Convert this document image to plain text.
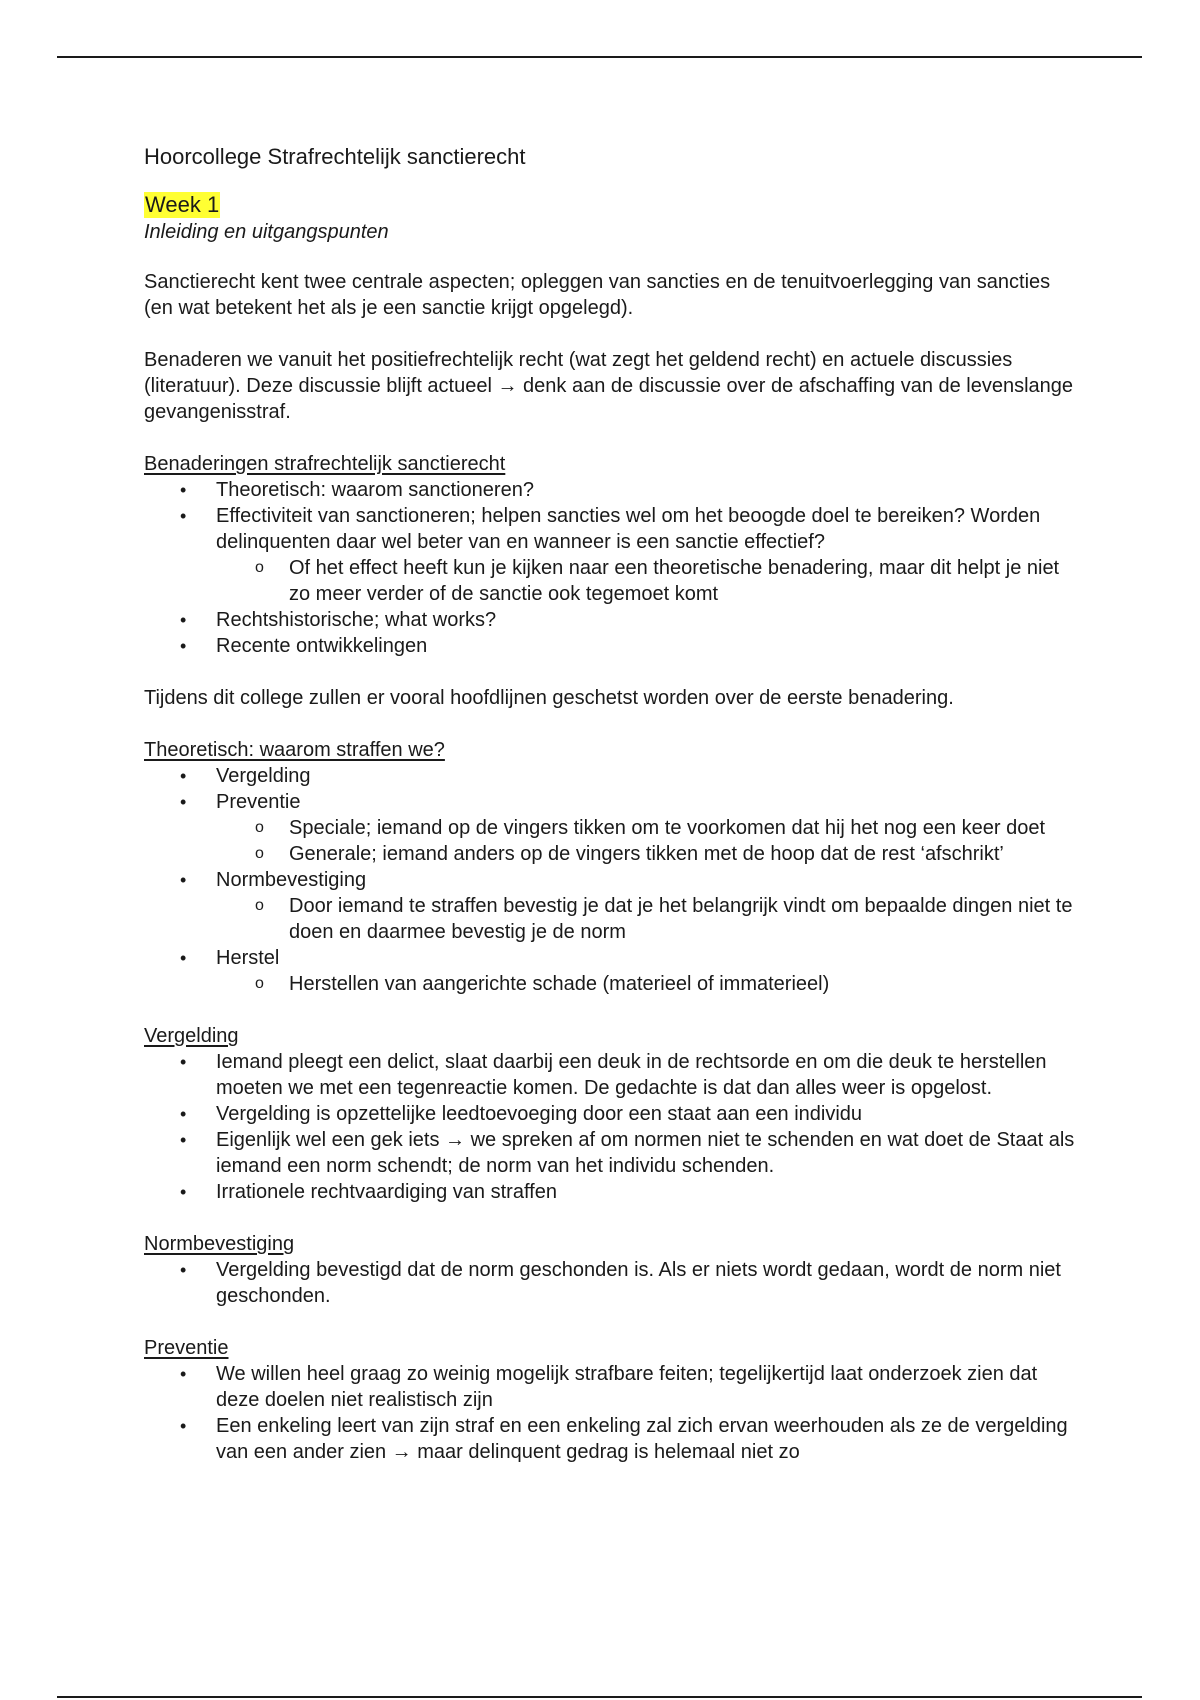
Hoorcollege Strafrechtelijk sanctierecht
Week 1
Inleiding en uitgangspunten

Sanctierecht kent twee centrale aspecten; opleggen van sancties en de tenuitvoerlegging van sancties (en wat betekent het als je een sanctie krijgt opgelegd).

Benaderen we vanuit het positiefrechtelijk recht (wat zegt het geldend recht) en actuele discussies (literatuur). Deze discussie blijft actueel → denk aan de discussie over de afschaffing van de levenslange gevangenisstraf.

Benaderingen strafrechtelijk sanctierecht
• Theoretisch: waarom sanctioneren?
• Effectiviteit van sanctioneren; helpen sancties wel om het beoogde doel te bereiken? Worden delinquenten daar wel beter van en wanneer is een sanctie effectief?
o Of het effect heeft kun je kijken naar een theoretische benadering, maar dit helpt je niet zo meer verder of de sanctie ook tegemoet komt
• Rechtshistorische; what works?
• Recente ontwikkelingen

Tijdens dit college zullen er vooral hoofdlijnen geschetst worden over de eerste benadering.

Theoretisch: waarom straffen we?
• Vergelding
• Preventie
o Speciale; iemand op de vingers tikken om te voorkomen dat hij het nog een keer doet
o Generale; iemand anders op de vingers tikken met de hoop dat de rest ‘afschrikt’
• Normbevestiging
o Door iemand te straffen bevestig je dat je het belangrijk vindt om bepaalde dingen niet te doen en daarmee bevestig je de norm
• Herstel
o Herstellen van aangerichte schade (materieel of immaterieel)
Vergelding
• Iemand pleegt een delict, slaat daarbij een deuk in de rechtsorde en om die deuk te herstellen moeten we met een tegenreactie komen. De gedachte is dat dan alles weer is opgelost.
• Vergelding is opzettelijke leedtoevoeging door een staat aan een individu
• Eigenlijk wel een gek iets → we spreken af om normen niet te schenden en wat doet de Staat als iemand een norm schendt; de norm van het individu schenden.
• Irrationele rechtvaardiging van straffen
Normbevestiging
• Vergelding bevestigd dat de norm geschonden is. Als er niets wordt gedaan, wordt de norm niet geschonden.
Preventie
• We willen heel graag zo weinig mogelijk strafbare feiten; tegelijkertijd laat onderzoek zien dat deze doelen niet realistisch zijn
• Een enkeling leert van zijn straf en een enkeling zal zich ervan weerhouden als ze de vergelding van een ander zien → maar delinquent gedrag is helemaal niet zo
